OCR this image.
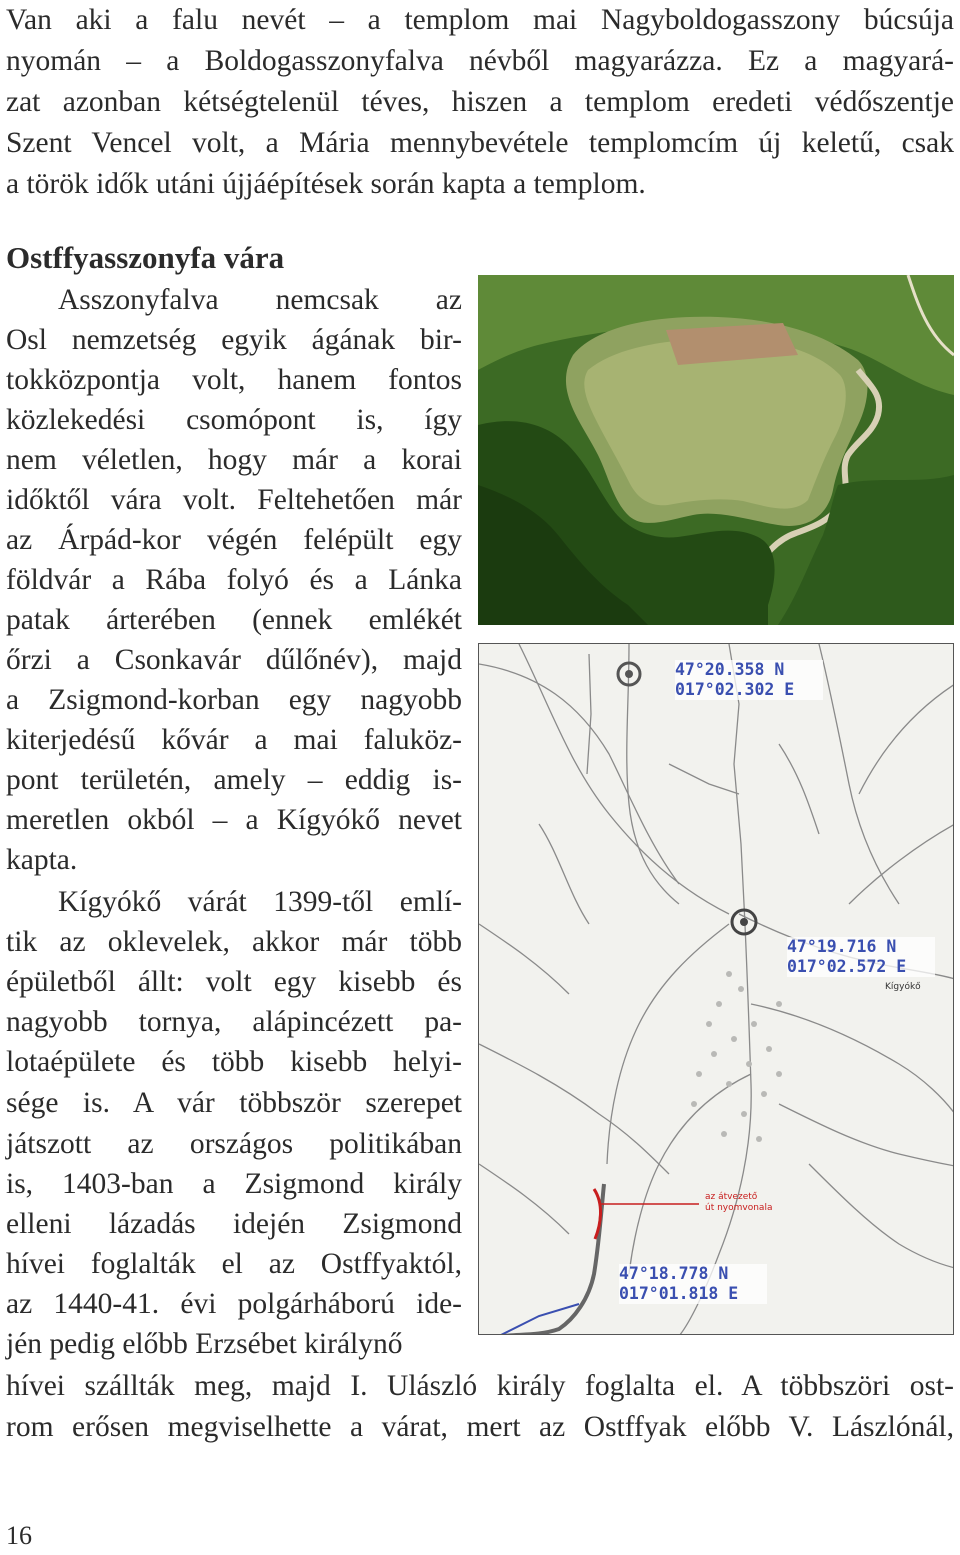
Van aki a falu nevét – a templom mai Nagyboldogasszony búcsúja
nyomán – a Boldogasszonyfalva névből magyarázza. Ez a magyará-
zat azonban kétségtelenül téves, hiszen a templom eredeti védőszentje
Szent Vencel volt, a Mária mennybevétele templomcím új keletű, csak
a török idők utáni újjáépítések során kapta a templom.
Ostffyasszonyfa vára
Asszonyfalva nemcsak az
Osl nemzetség egyik ágának bir-
tokközpontja volt, hanem fontos
közlekedési csomópont is, így
nem véletlen, hogy már a korai
időktől vára volt. Feltehetően már
az Árpád-kor végén felépült egy
földvár a Rába folyó és a Lánka
patak árterében (ennek emlékét
őrzi a Csonkavár dűlőnév), majd
a Zsigmond-korban egy nagyobb
kiterjedésű kővár a mai faluköz-
pont területén, amely – eddig is-
meretlen okból – a Kígyókő nevet
kapta.
Kígyókő várát 1399-től emlí-
tik az oklevelek, akkor már több
épületből állt: volt egy kisebb és
nagyobb tornya, alápincézett pa-
lotaépülete és több kisebb helyi-
sége is. A vár többször szerepet
játszott az országos politikában
is, 1403-ban a Zsigmond király
elleni lázadás idején Zsigmond
hívei foglalták el az Ostffyaktól,
az 1440-41. évi polgárháború ide-
jén pedig előbb Erzsébet királynő
hívei szállták meg, majd I. Ulászló király foglalta el. A többszöri ost-
rom erősen megviselhette a várat, mert az Ostffyak előbb V. Lászlónál,
47°20.358 N
017°02.302 E
47°19.716 N
017°02.572 E
Kígyókő
az átvezető
út nyomvonala
47°18.778 N
017°01.818 E
16
